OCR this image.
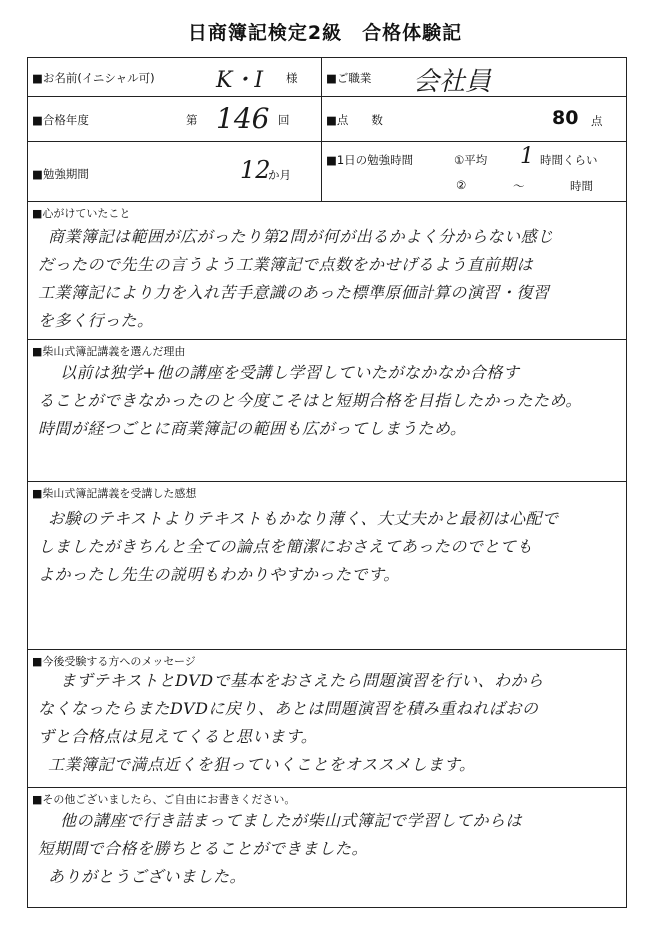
日商簿記検定2級　合格体験記
■お名前(イニシャル可)	K・I 様 ■ご職業 会社員
■合格年度	第 146 回	■点　　数	80 点
■勉強期間	12
か月
■1日の勉強時間	①平均 1 時間くらい
②	～	時間
■心がけていたこと
商業簿記は範囲が広がったり第2問が何が出るかよく分からない感じ
だったので先生の言うよう工業簿記で点数をかせげるよう直前期は
工業簿記により力を入れ苦手意識のあった標準原価計算の演習・復習
を多く行った。
■柴山式簿記講義を選んだ理由
以前は独学+他の講座を受講し学習していたがなかなか合格す
ることができなかったのと今度こそはと短期合格を目指したかったため。
時間が経つごとに商業簿記の範囲も広がってしまうため。
■柴山式簿記講義を受講した感想
お験のテキストよりテキストもかなり薄く、大丈夫かと最初は心配で
しましたがきちんと全ての論点を簡潔におさえてあったのでとても
よかったし先生の説明もわかりやすかったです。
■今後受験する方へのメッセージ
まずテキストとDVDで基本をおさえたら問題演習を行い、わから
なくなったらまたDVDに戻り、あとは問題演習を積み重ねればおの
ずと合格点は見えてくると思います。
工業簿記で満点近くを狙っていくことをオススメします。
■その他ございましたら、ご自由にお書きください。
他の講座で行き詰まってましたが柴山式簿記で学習してからは
短期間で合格を勝ちとることができました。
ありがとうございました。
